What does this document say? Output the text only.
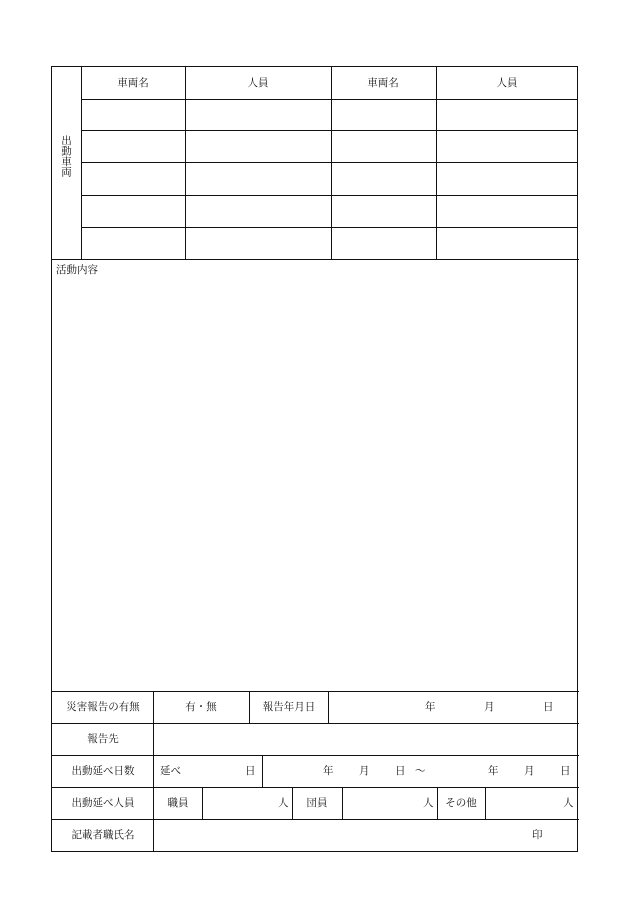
出動車両
車両名	人員	車両名	人員
活動内容
災害報告の有無	有・無	報告年月日	年	月	日
報告先
出動延べ日数 延べ	日	年 月 日 〜	年 月 日
出動延べ人員	職員	人 団員	人 その他	人
記載者職氏名	印
